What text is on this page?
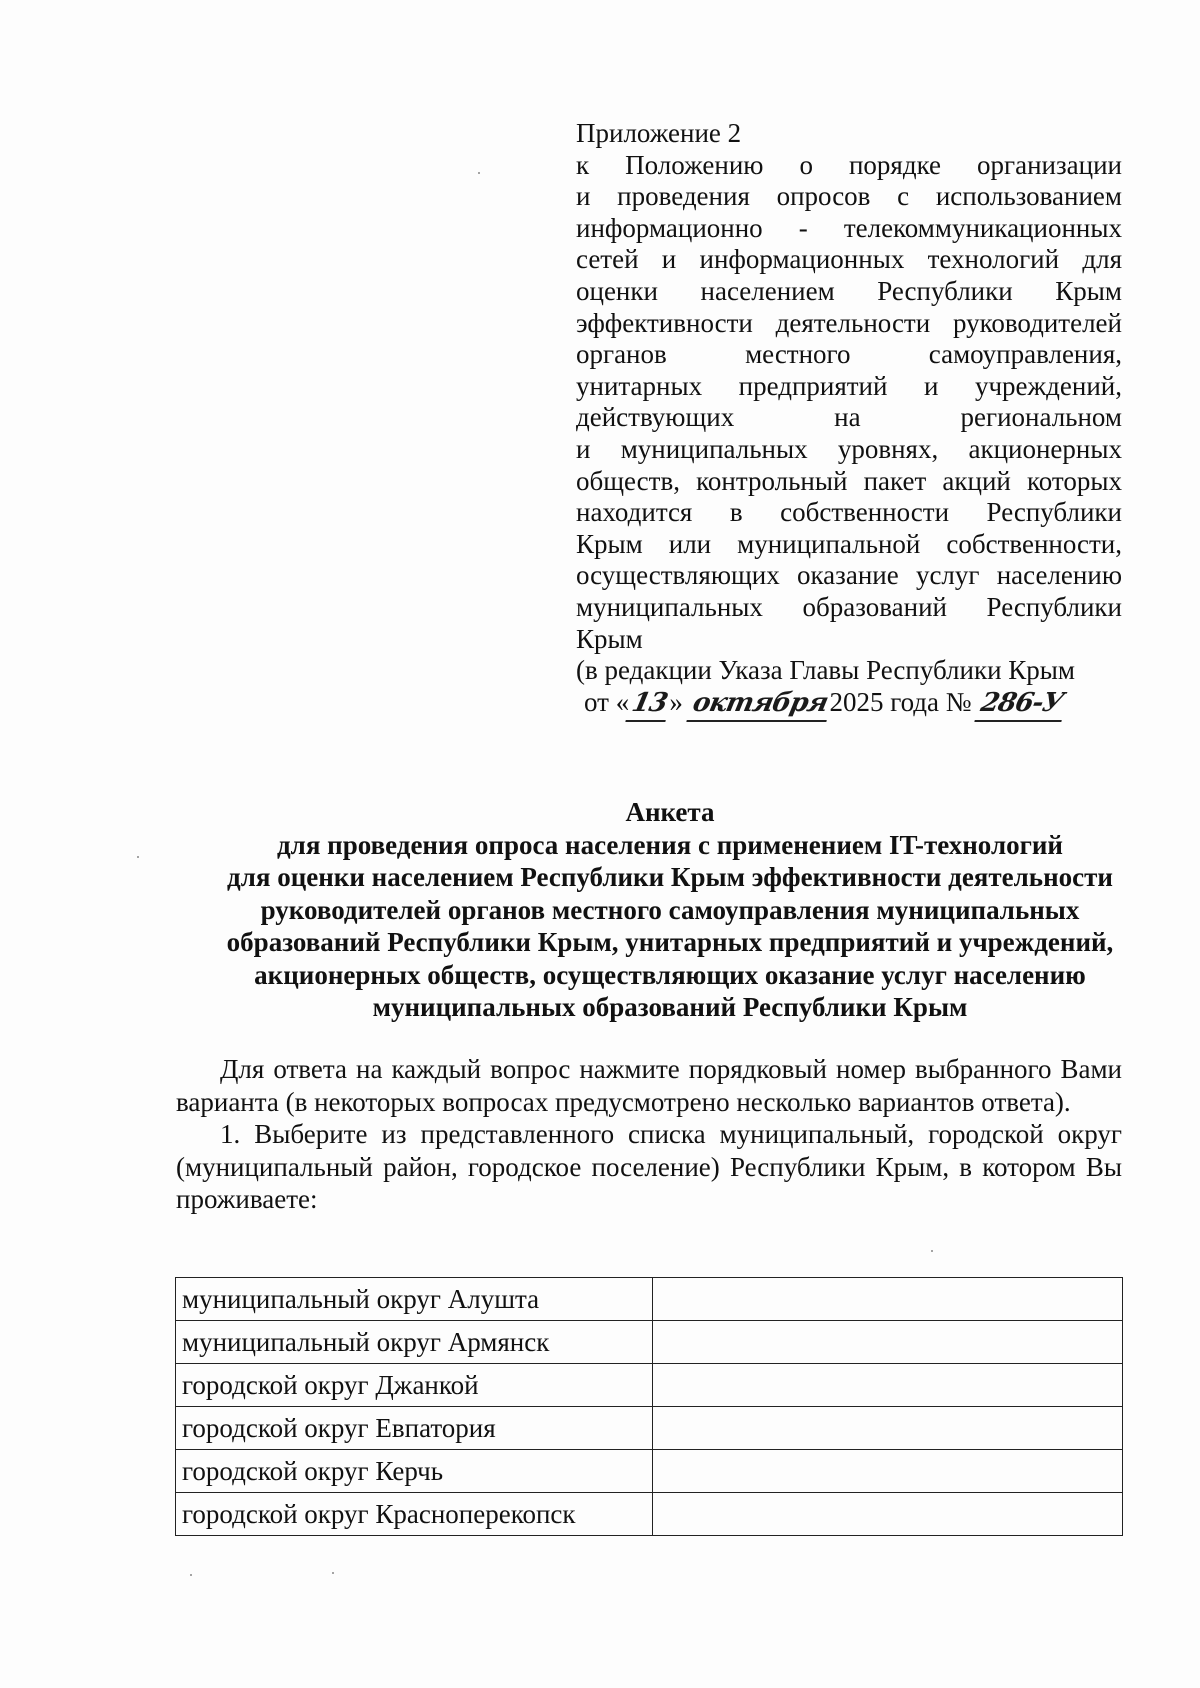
Приложение 2

к Положению о порядке организации
и проведения опросов с использованием
информационно - телекоммуникационных
сетей и информационных технологий для
оценки населением Республики Крым
эффективности деятельности руководителей
органов местного самоуправления,
унитарных предприятий и учреждений,
действующих на региональном
и муниципальных уровнях, акционерных
обществ, контрольный пакет акций которых
находится в собственности Республики
Крым или муниципальной собственности,
осуществляющих оказание услуг населению
муниципальных образований Республики

Крым

(в редакции Указа Главы Республики Крым

от «13» октября2025 года № 286-У

Анкета
для проведения опроса населения с применением IT-технологий
для оценки населением Республики Крым эффективности деятельности
руководителей органов местного самоуправления муниципальных
образований Республики Крым, унитарных предприятий и учреждений,
акционерных обществ, осуществляющих оказание услуг населению
муниципальных образований Республики Крым

Для ответа на каждый вопрос нажмите порядковый номер выбранного Вами варианта (в некоторых вопросах предусмотрено несколько вариантов ответа).

1. Выберите из представленного списка муниципальный, городской округ (муниципальный район, городское поселение) Республики Крым, в котором Вы проживаете:

муниципальный округ Алушта	
муниципальный округ Армянск	
городской округ Джанкой	
городской округ Евпатория	
городской округ Керчь	
городской округ Красноперекопск	
